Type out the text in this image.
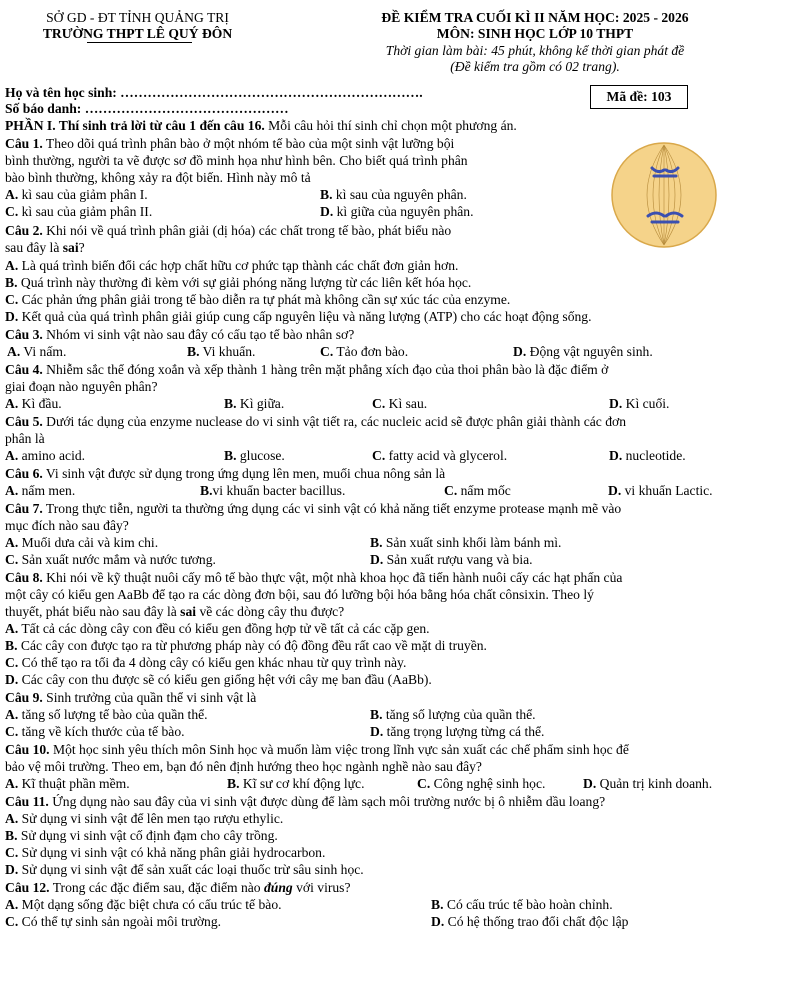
SỞ GD - ĐT TỈNH QUẢNG TRỊ
TRƯỜNG THPT LÊ QUÝ ĐÔN
ĐỀ KIỂM TRA CUỐI KÌ II NĂM HỌC: 2025 - 2026
MÔN: SINH HỌC LỚP 10 THPT
Thời gian làm bài: 45 phút, không kể thời gian phát đề
(Đề kiểm tra gồm có 02 trang).
Họ và tên học sinh: ………………………………………………………….
Số báo danh: ………………………………………
Mã đề: 103
PHẦN I. Thí sinh trả lời từ câu 1 đến câu 16. Mỗi câu hỏi thí sinh chỉ chọn một phương án.
Câu 1. Theo dõi quá trình phân bào ở một nhóm tế bào của một sinh vật lưỡng bội
bình thường, người ta vẽ được sơ đồ minh họa như hình bên. Cho biết quá trình phân
bào bình thường, không xảy ra đột biến. Hình này mô tả
A. kì sau của giảm phân I.	B. kì sau của nguyên phân.
C. kì sau của giảm phân II.	D. kì giữa của nguyên phân.
Câu 2. Khi nói về quá trình phân giải (dị hóa) các chất trong tế bào, phát biểu nào
sau đây là sai?
A. Là quá trình biến đổi các hợp chất hữu cơ phức tạp thành các chất đơn giản hơn.
B. Quá trình này thường đi kèm với sự giải phóng năng lượng từ các liên kết hóa học.
C. Các phản ứng phân giải trong tế bào diễn ra tự phát mà không cần sự xúc tác của enzyme.
D. Kết quả của quá trình phân giải giúp cung cấp nguyên liệu và năng lượng (ATP) cho các hoạt động sống.
Câu 3. Nhóm vi sinh vật nào sau đây có cấu tạo tế bào nhân sơ?
A. Vi nấm.	B. Vi khuẩn.	C. Tảo đơn bào.	D. Động vật nguyên sinh.
Câu 4. Nhiễm sắc thể đóng xoắn và xếp thành 1 hàng trên mặt phẳng xích đạo của thoi phân bào là đặc điểm ở
giai đoạn nào nguyên phân?
A. Kì đầu.	B. Kì giữa.	C. Kì sau.	D. Kì cuối.
Câu 5. Dưới tác dụng của enzyme nuclease do vi sinh vật tiết ra, các nucleic acid sẽ được phân giải thành các đơn
phân là
A. amino acid.	B. glucose.	C. fatty acid và glycerol.	D. nucleotide.
Câu 6. Vi sinh vật được sử dụng trong ứng dụng lên men, muối chua nông sản là
A. nấm men.	B.vi khuẩn bacter bacillus.	C. nấm mốc	D. vi khuẩn Lactic.
Câu 7. Trong thực tiễn, người ta thường ứng dụng các vi sinh vật có khả năng tiết enzyme protease mạnh mẽ vào
mục đích nào sau đây?
A. Muối dưa cải và kim chi.	B. Sản xuất sinh khối làm bánh mì.
C. Sản xuất nước mắm và nước tương.	D. Sản xuất rượu vang và bia.
Câu 8. Khi nói về kỹ thuật nuôi cấy mô tế bào thực vật, một nhà khoa học đã tiến hành nuôi cấy các hạt phấn của
một cây có kiểu gen AaBb để tạo ra các dòng đơn bội, sau đó lưỡng bội hóa bằng hóa chất cônsixin. Theo lý
thuyết, phát biểu nào sau đây là sai về các dòng cây thu được?
A. Tất cả các dòng cây con đều có kiểu gen đồng hợp tử về tất cả các cặp gen.
B. Các cây con được tạo ra từ phương pháp này có độ đồng đều rất cao về mặt di truyền.
C. Có thể tạo ra tối đa 4 dòng cây có kiểu gen khác nhau từ quy trình này.
D. Các cây con thu được sẽ có kiểu gen giống hệt với cây mẹ ban đầu (AaBb).
Câu 9. Sinh trưởng của quần thể vi sinh vật là
A. tăng số lượng tế bào của quần thể.	B. tăng số lượng của quần thể.
C. tăng về kích thước của tế bào.	D. tăng trọng lượng từng cá thể.
Câu 10. Một học sinh yêu thích môn Sinh học và muốn làm việc trong lĩnh vực sản xuất các chế phẩm sinh học để
bảo vệ môi trường. Theo em, bạn đó nên định hướng theo học ngành nghề nào sau đây?
A. Kĩ thuật phần mềm.	B. Kĩ sư cơ khí động lực.	C. Công nghệ sinh học.	D. Quản trị kinh doanh.
Câu 11. Ứng dụng nào sau đây của vi sinh vật được dùng để làm sạch môi trường nước bị ô nhiễm dầu loang?
A. Sử dụng vi sinh vật để lên men tạo rượu ethylic.
B. Sử dụng vi sinh vật cố định đạm cho cây trồng.
C. Sử dụng vi sinh vật có khả năng phân giải hydrocarbon.
D. Sử dụng vi sinh vật để sản xuất các loại thuốc trừ sâu sinh học.
Câu 12. Trong các đặc điểm sau, đặc điểm nào đúng với virus?
A. Một dạng sống đặc biệt chưa có cấu trúc tế bào.	B. Có cấu trúc tế bào hoàn chỉnh.
C. Có thể tự sinh sản ngoài môi trường.	D. Có hệ thống trao đổi chất độc lập
